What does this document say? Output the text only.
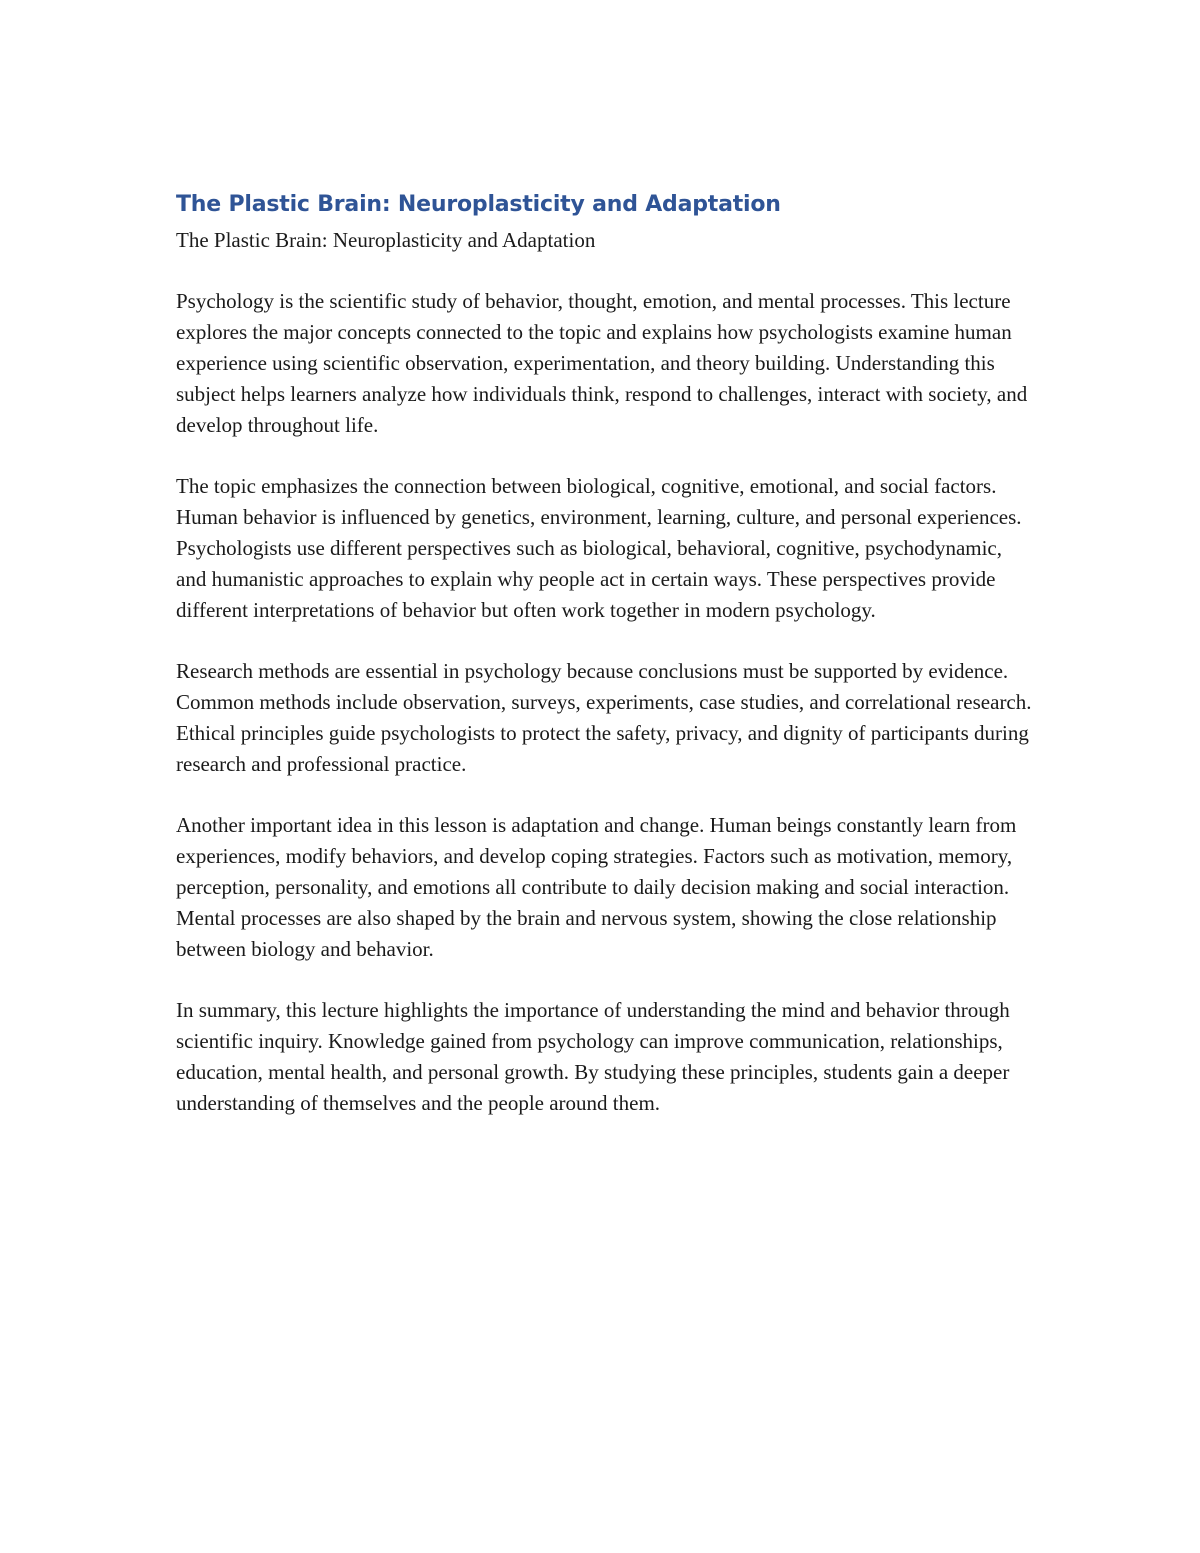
The Plastic Brain: Neuroplasticity and Adaptation

The Plastic Brain: Neuroplasticity and Adaptation

Psychology is the scientific study of behavior, thought, emotion, and mental processes. This lecture explores the major concepts connected to the topic and explains how psychologists examine human experience using scientific observation, experimentation, and theory building. Understanding this subject helps learners analyze how individuals think, respond to challenges, interact with society, and develop throughout life.

The topic emphasizes the connection between biological, cognitive, emotional, and social factors. Human behavior is influenced by genetics, environment, learning, culture, and personal experiences. Psychologists use different perspectives such as biological, behavioral, cognitive, psychodynamic, and humanistic approaches to explain why people act in certain ways. These perspectives provide different interpretations of behavior but often work together in modern psychology.

Research methods are essential in psychology because conclusions must be supported by evidence. Common methods include observation, surveys, experiments, case studies, and correlational research. Ethical principles guide psychologists to protect the safety, privacy, and dignity of participants during research and professional practice.

Another important idea in this lesson is adaptation and change. Human beings constantly learn from experiences, modify behaviors, and develop coping strategies. Factors such as motivation, memory, perception, personality, and emotions all contribute to daily decision making and social interaction. Mental processes are also shaped by the brain and nervous system, showing the close relationship between biology and behavior.

In summary, this lecture highlights the importance of understanding the mind and behavior through scientific inquiry. Knowledge gained from psychology can improve communication, relationships, education, mental health, and personal growth. By studying these principles, students gain a deeper understanding of themselves and the people around them.
